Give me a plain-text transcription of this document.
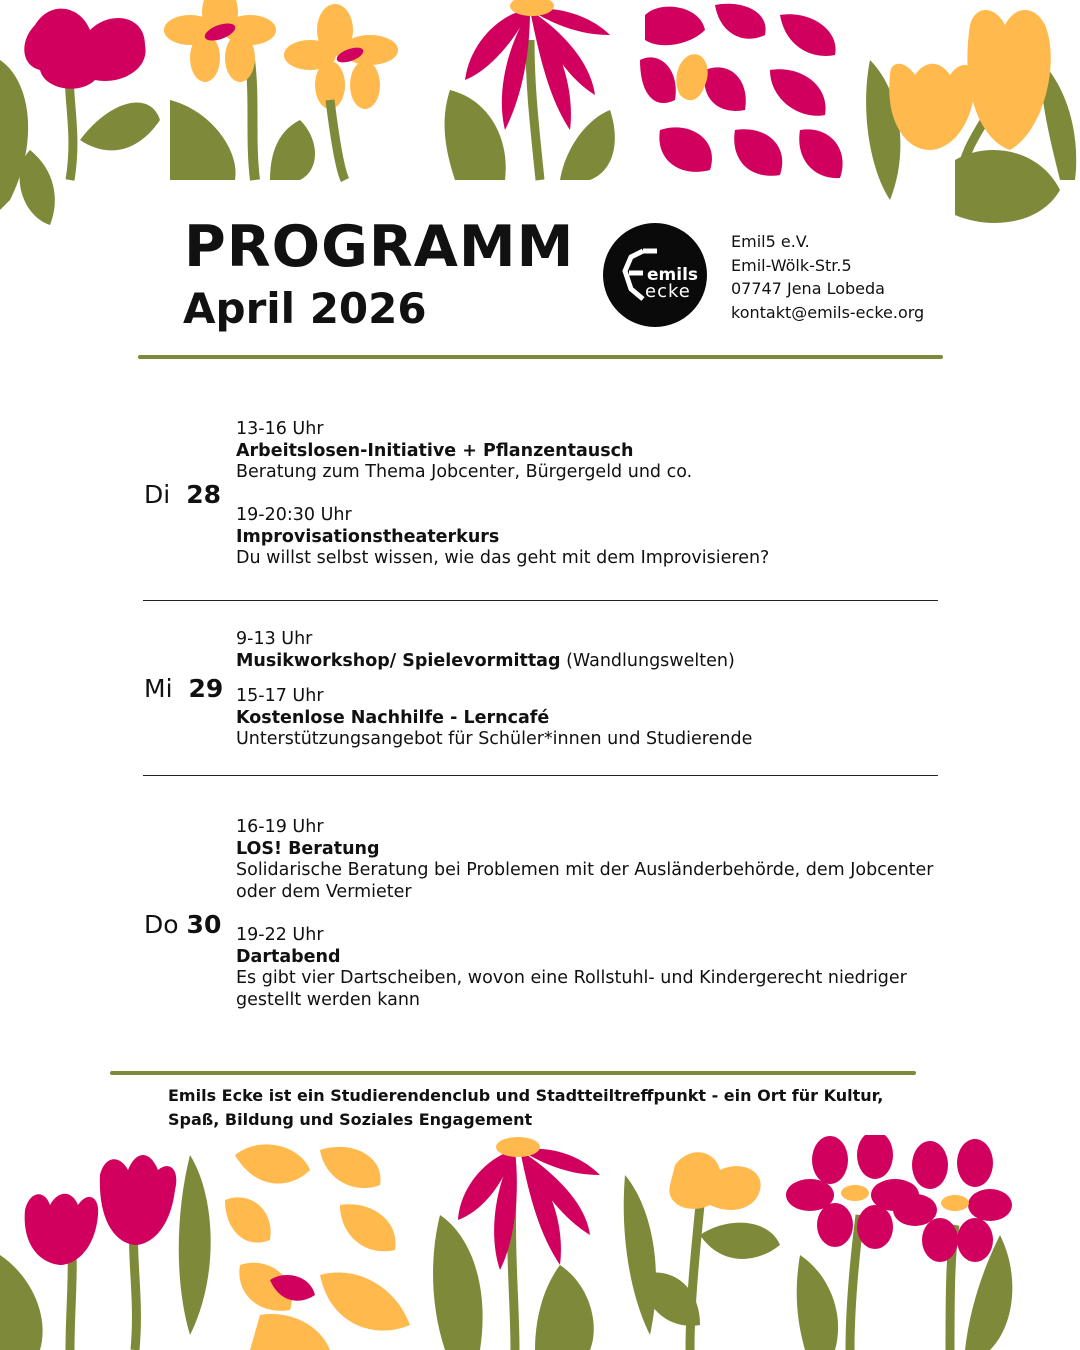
PROGRAMM
April 2026
emils
ecke
Emil5 e.V.
Emil-Wölk-Str.5
07747 Jena Lobeda
kontakt@emils-ecke.org
Di 28
13-16 Uhr
Arbeitslosen-Initiative + Pflanzentausch
Beratung zum Thema Jobcenter, Bürgergeld und co.
19-20:30 Uhr
Improvisationstheaterkurs
Du willst selbst wissen, wie das geht mit dem Improvisieren?
Mi 29
9-13 Uhr
Musikworkshop/ Spielevormittag (Wandlungswelten)
15-17 Uhr
Kostenlose Nachhilfe - Lerncafé
Unterstützungsangebot für Schüler*innen und Studierende
Do 30
16-19 Uhr
LOS! Beratung
Solidarische Beratung bei Problemen mit der Ausländerbehörde, dem Jobcenter oder dem Vermieter
19-22 Uhr
Dartabend
Es gibt vier Dartscheiben, wovon eine Rollstuhl- und Kindergerecht niedriger gestellt werden kann
Emils Ecke ist ein Studierendenclub und Stadtteiltreffpunkt - ein Ort für Kultur, Spaß, Bildung und Soziales Engagement
